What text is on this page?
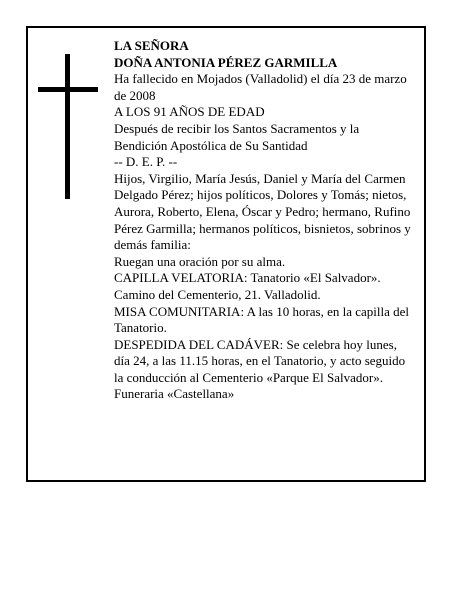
LA SEÑORA

DOÑA ANTONIA PÉREZ GARMILLA

Ha fallecido en Mojados (Valladolid) el día 23 de marzo de 2008

A LOS 91 AÑOS DE EDAD

Después de recibir los Santos Sacramentos y la Bendición Apostólica de Su Santidad

-- D. E. P. --

Hijos, Virgilio, María Jesús, Daniel y María del Carmen Delgado Pérez; hijos políticos, Dolores y Tomás; nietos, Aurora, Roberto, Elena, Óscar y Pedro; hermano, Rufino Pérez Garmilla; hermanos políticos, bisnietos, sobrinos y demás familia:

Ruegan una oración por su alma.

CAPILLA VELATORIA: Tanatorio «El Salvador». Camino del Cementerio, 21. Valladolid.

MISA COMUNITARIA: A las 10 horas, en la capilla del Tanatorio.

DESPEDIDA DEL CADÁVER: Se celebra hoy lunes, día 24, a las 11.15 horas, en el Tanatorio, y acto seguido la conducción al Cementerio «Parque El Salvador».

Funeraria «Castellana»
